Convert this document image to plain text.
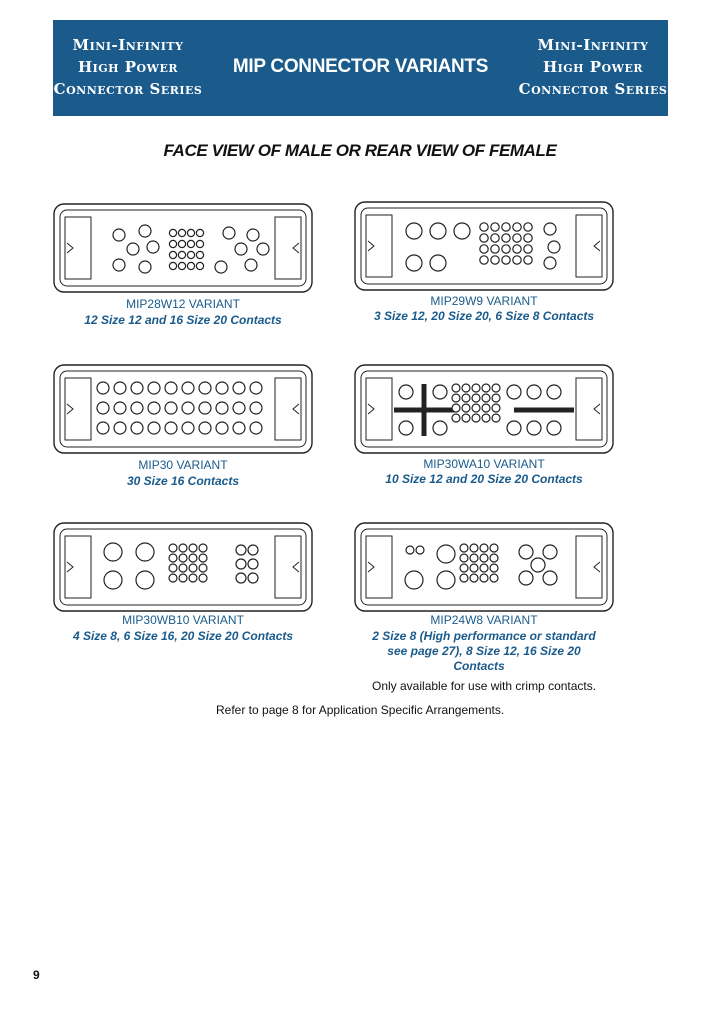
Mini-Infinity
High Power
Connector Series
MIP CONNECTOR VARIANTS
Mini-Infinity
High Power
Connector Series
FACE VIEW OF MALE OR REAR VIEW OF FEMALE
MIP28W12 VARIANT
12 Size 12 and 16 Size 20 Contacts
MIP29W9 VARIANT
3 Size 12, 20 Size 20, 6 Size 8 Contacts
MIP30 VARIANT
30 Size 16 Contacts
MIP30WA10 VARIANT
10 Size 12 and 20 Size 20 Contacts
MIP30WB10 VARIANT
4 Size 8, 6 Size 16, 20 Size 20 Contacts
MIP24W8 VARIANT
2 Size 8 (High performance or standard
see page 27), 8 Size 12, 16 Size 20
Contacts
Only available for use with crimp contacts.
Refer to page 8 for Application Specific Arrangements.
9
